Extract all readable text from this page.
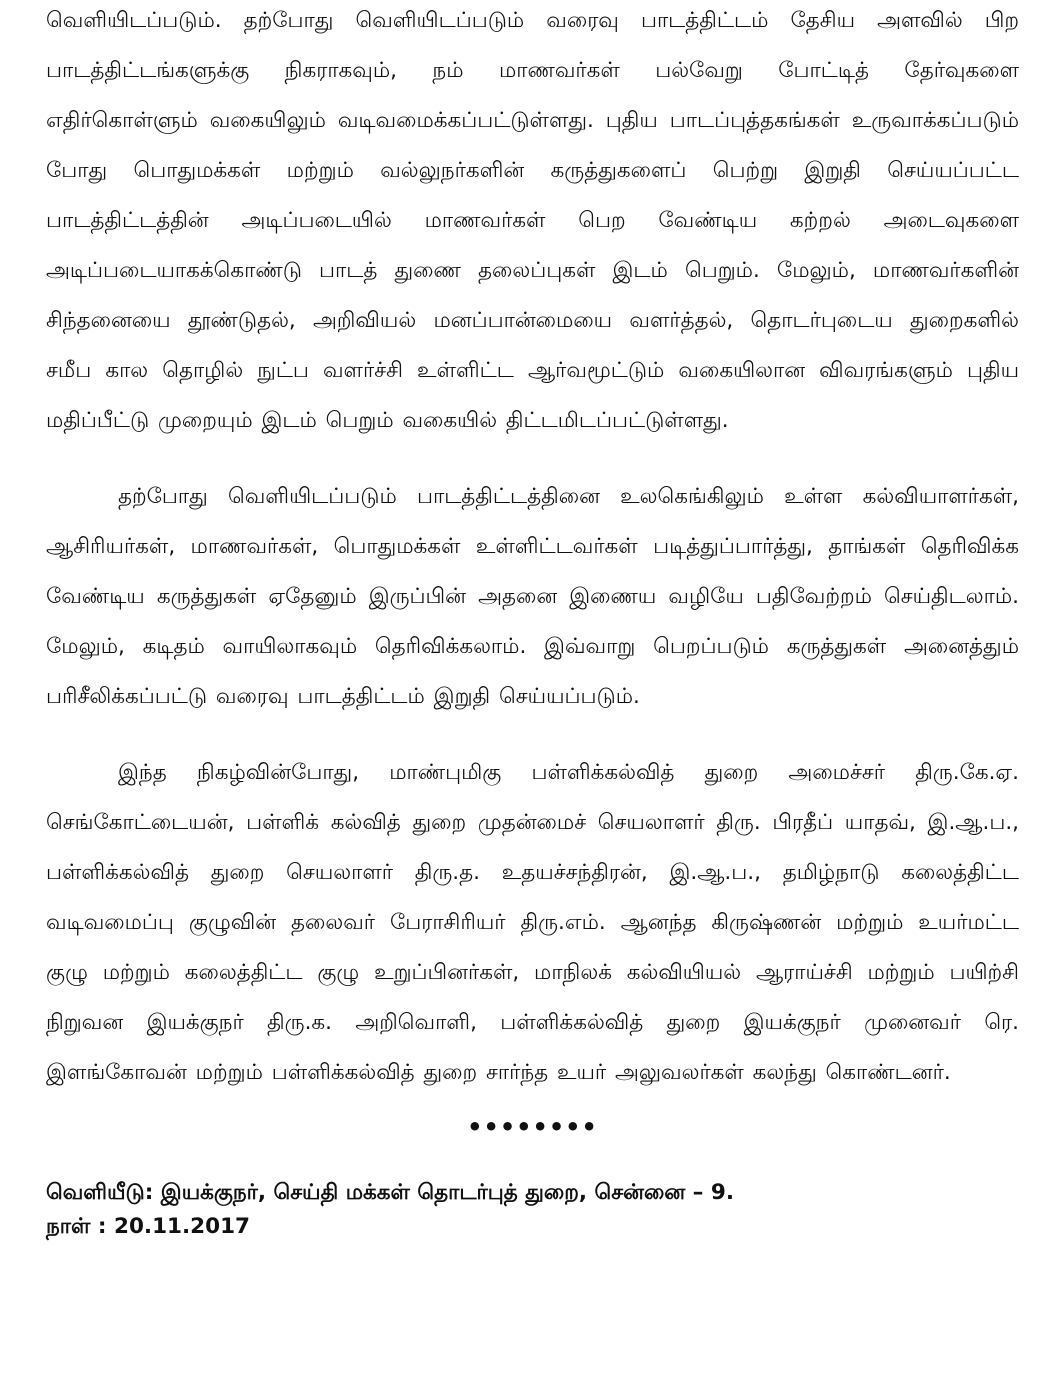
வெளியிடப்படும். தற்போது வெளியிடப்படும் வரைவு பாடத்திட்டம் தேசிய அளவில் பிற பாடத்திட்டங்களுக்கு நிகராகவும், நம் மாணவர்கள் பல்வேறு போட்டித் தேர்வுகளை எதிர்கொள்ளும் வகையிலும் வடிவமைக்கப்பட்டுள்ளது. புதிய பாடப்புத்தகங்கள் உருவாக்கப்படும் போது பொதுமக்கள் மற்றும் வல்லுநர்களின் கருத்துகளைப் பெற்று இறுதி செய்யப்பட்ட பாடத்திட்டத்தின் அடிப்படையில் மாணவர்கள் பெற வேண்டிய கற்றல் அடைவுகளை அடிப்படையாகக்கொண்டு பாடத் துணை தலைப்புகள் இடம் பெறும். மேலும், மாணவர்களின் சிந்தனையை தூண்டுதல், அறிவியல் மனப்பான்மையை வளர்த்தல், தொடர்புடைய துறைகளில் சமீப கால தொழில் நுட்ப வளர்ச்சி உள்ளிட்ட ஆர்வமூட்டும் வகையிலான விவரங்களும் புதிய மதிப்பீட்டு முறையும் இடம் பெறும் வகையில் திட்டமிடப்பட்டுள்ளது.

தற்போது வெளியிடப்படும் பாடத்திட்டத்தினை உலகெங்கிலும் உள்ள கல்வியாளர்கள், ஆசிரியர்கள், மாணவர்கள், பொதுமக்கள் உள்ளிட்டவர்கள் படித்துப்பார்த்து, தாங்கள் தெரிவிக்க வேண்டிய கருத்துகள் ஏதேனும் இருப்பின் அதனை இணைய வழியே பதிவேற்றம் செய்திடலாம். மேலும், கடிதம் வாயிலாகவும் தெரிவிக்கலாம். இவ்வாறு பெறப்படும் கருத்துகள் அனைத்தும் பரிசீலிக்கப்பட்டு வரைவு பாடத்திட்டம் இறுதி செய்யப்படும்.

இந்த நிகழ்வின்போது, மாண்புமிகு பள்ளிக்கல்வித் துறை அமைச்சர் திரு.கே.ஏ. செங்கோட்டையன், பள்ளிக் கல்வித் துறை முதன்மைச் செயலாளர் திரு. பிரதீப் யாதவ், இ.ஆ.ப., பள்ளிக்கல்வித் துறை செயலாளர் திரு.த. உதயச்சந்திரன், இ.ஆ.ப., தமிழ்நாடு கலைத்திட்ட வடிவமைப்பு குழுவின் தலைவர் பேராசிரியர் திரு.எம். ஆனந்த கிருஷ்ணன் மற்றும் உயர்மட்ட குழு மற்றும் கலைத்திட்ட குழு உறுப்பினர்கள், மாநிலக் கல்வியியல் ஆராய்ச்சி மற்றும் பயிற்சி நிறுவன இயக்குநர் திரு.க. அறிவொளி, பள்ளிக்கல்வித் துறை இயக்குநர் முனைவர் ரெ. இளங்கோவன் மற்றும் பள்ளிக்கல்வித் துறை சார்ந்த உயர் அலுவலர்கள் கலந்து கொண்டனர்.

••••••••
வெளியீடு: இயக்குநர், செய்தி மக்கள் தொடர்புத் துறை, சென்னை – 9.
நாள் : 20.11.2017
